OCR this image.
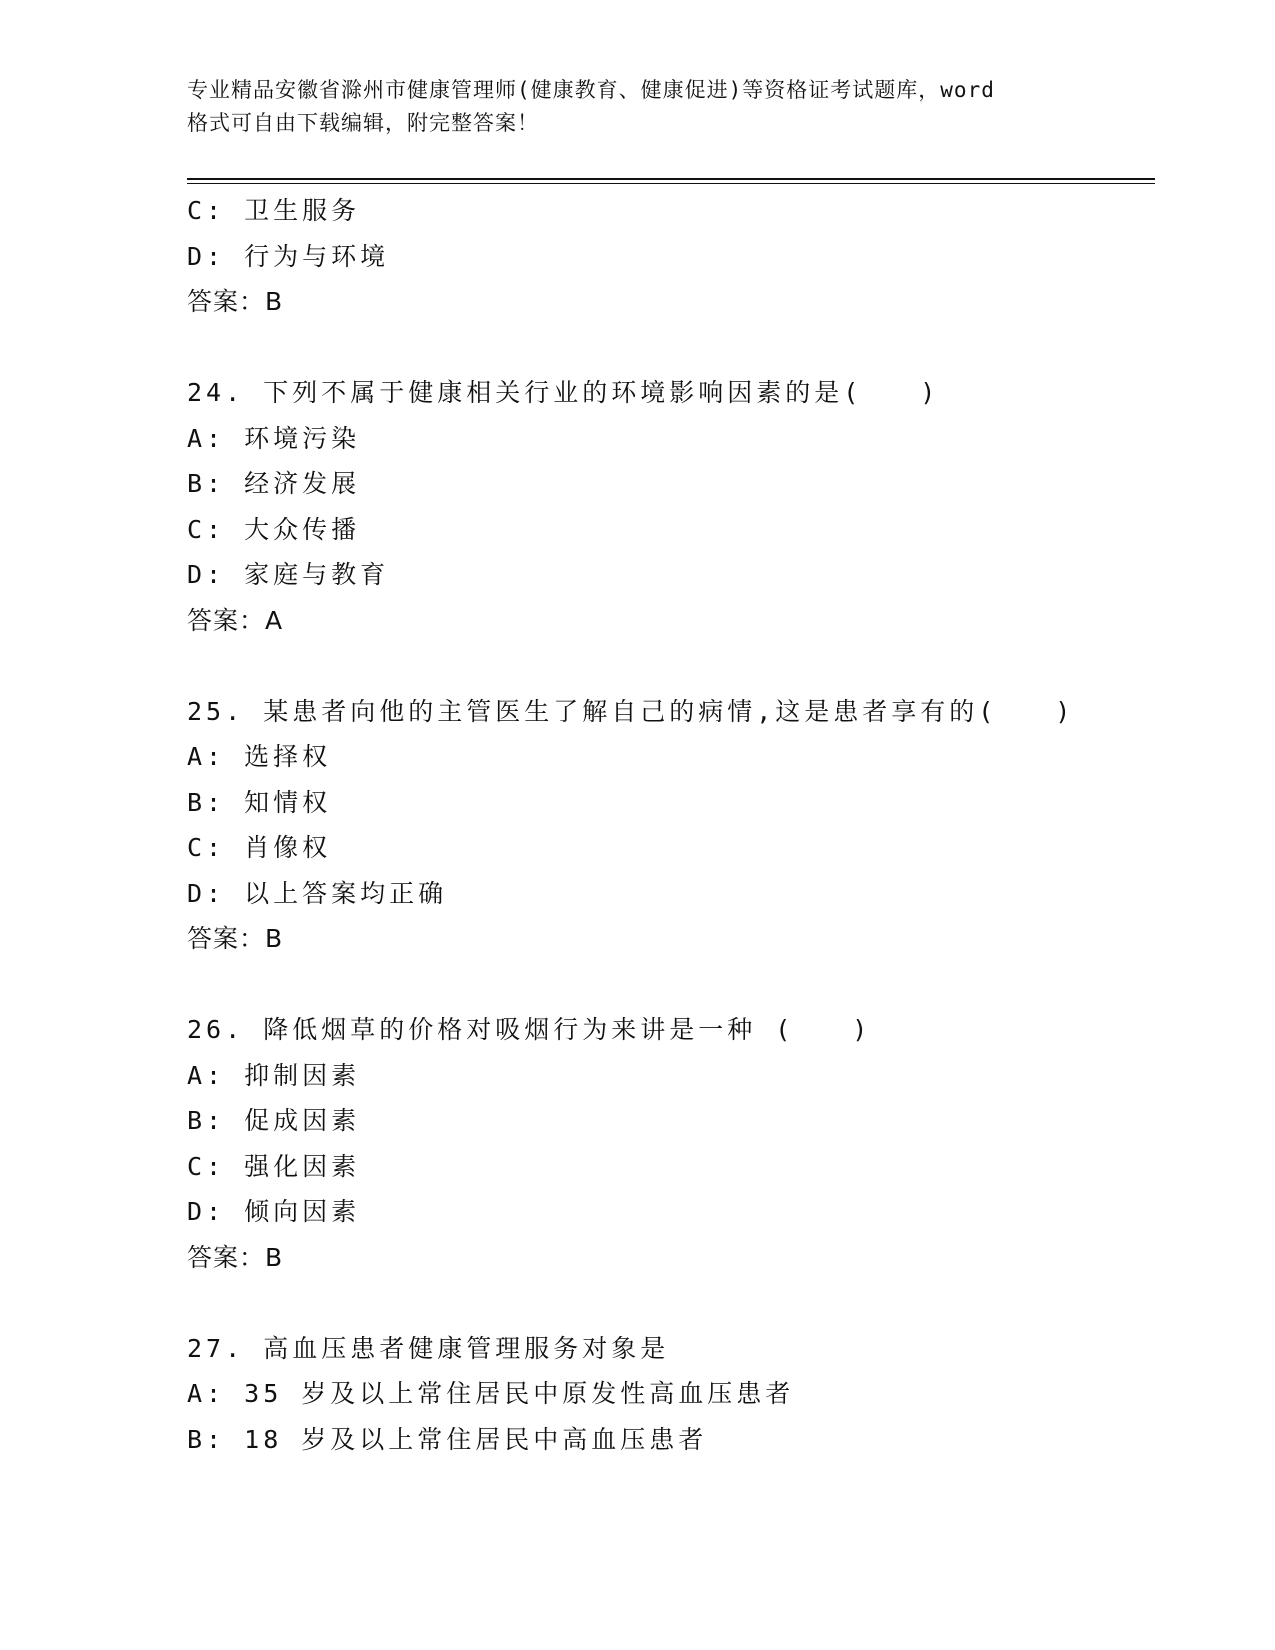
专业精品安徽省滁州市健康管理师(健康教育、健康促进)等资格证考试题库，word
格式可自由下载编辑，附完整答案！
C: 卫生服务
D: 行为与环境
答案：B
24. 下列不属于健康相关行业的环境影响因素的是(　　)
A: 环境污染
B: 经济发展
C: 大众传播
D: 家庭与教育
答案：A
25. 某患者向他的主管医生了解自己的病情,这是患者享有的(　　)
A: 选择权
B: 知情权
C: 肖像权
D: 以上答案均正确
答案：B
26. 降低烟草的价格对吸烟行为来讲是一种 (　　)
A: 抑制因素
B: 促成因素
C: 强化因素
D: 倾向因素
答案：B
27. 高血压患者健康管理服务对象是
A: 35 岁及以上常住居民中原发性高血压患者
B: 18 岁及以上常住居民中高血压患者
